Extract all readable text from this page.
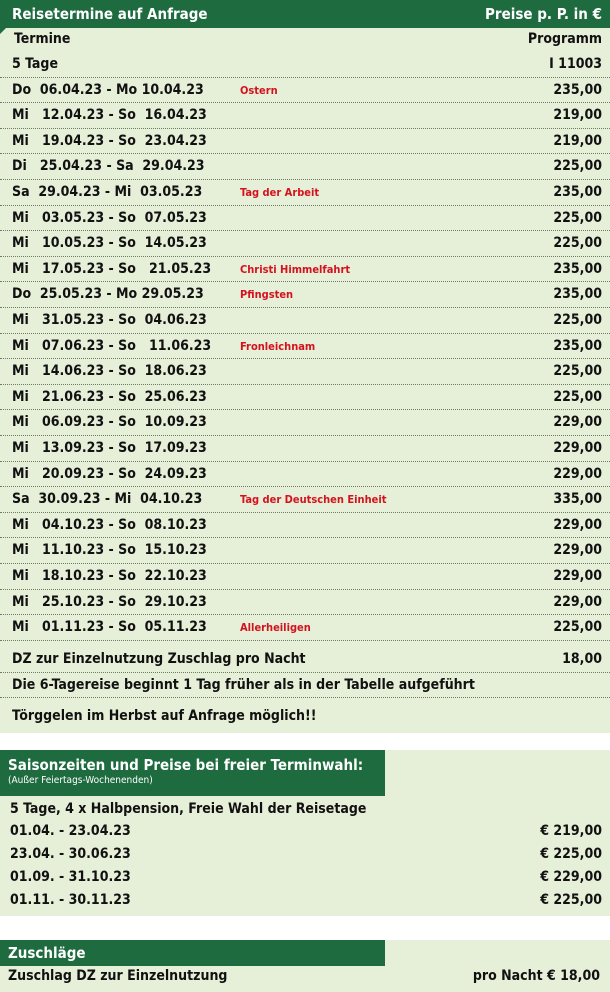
Reisetermine auf Anfrage	Preise p. P. in €
Termine	Programm
5 Tage	I 11003
Do  06.04.23 - Mo 10.04.23	Ostern	235,00
Mi   12.04.23 - So  16.04.23	219,00
Mi   19.04.23 - So  23.04.23	219,00
Di   25.04.23 - Sa  29.04.23	225,00
Sa  29.04.23 - Mi  03.05.23	Tag der Arbeit	235,00
Mi   03.05.23 - So  07.05.23	225,00
Mi   10.05.23 - So  14.05.23	225,00
Mi   17.05.23 - So   21.05.23	Christi Himmelfahrt	235,00
Do  25.05.23 - Mo 29.05.23	Pfingsten	235,00
Mi   31.05.23 - So  04.06.23	225,00
Mi   07.06.23 - So   11.06.23	Fronleichnam	235,00
Mi   14.06.23 - So  18.06.23	225,00
Mi   21.06.23 - So  25.06.23	225,00
Mi   06.09.23 - So  10.09.23	229,00
Mi   13.09.23 - So  17.09.23	229,00
Mi   20.09.23 - So  24.09.23	229,00
Sa  30.09.23 - Mi  04.10.23	Tag der Deutschen Einheit	335,00
Mi   04.10.23 - So  08.10.23	229,00
Mi   11.10.23 - So  15.10.23	229,00
Mi   18.10.23 - So  22.10.23	229,00
Mi   25.10.23 - So  29.10.23	229,00
Mi   01.11.23 - So  05.11.23	Allerheiligen	225,00
DZ zur Einzelnutzung Zuschlag pro Nacht	18,00
Die 6-Tagereise beginnt 1 Tag früher als in der Tabelle aufgeführt
Törggelen im Herbst auf Anfrage möglich!!
Saisonzeiten und Preise bei freier Terminwahl:
(Außer Feiertags-Wochenenden)
5 Tage, 4 x Halbpension, Freie Wahl der Reisetage
01.04. - 23.04.23	€ 219,00
23.04. - 30.06.23	€ 225,00
01.09. - 31.10.23	€ 229,00
01.11. - 30.11.23	€ 225,00
Zuschläge
Zuschlag DZ zur Einzelnutzung	pro Nacht € 18,00
